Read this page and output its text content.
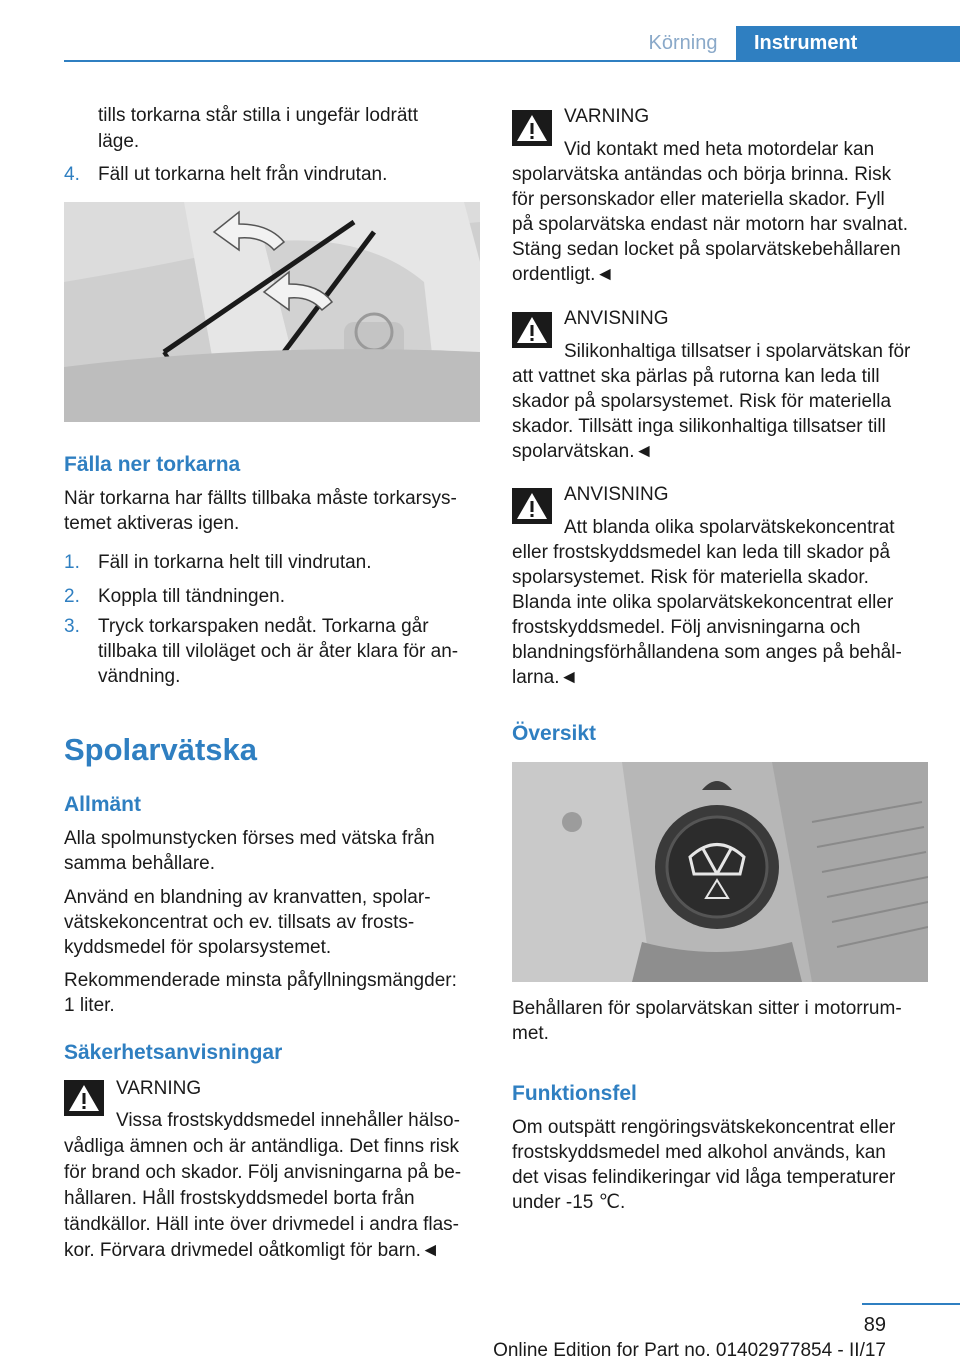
Körning	Instrument
tills torkarna står stilla i ungefär lodrätt
läge.
4. Fäll ut torkarna helt från vindrutan.
Fälla ner torkarna
När torkarna har fällts tillbaka måste torkarsys-
temet aktiveras igen.
1. Fäll in torkarna helt till vindrutan.
2. Koppla till tändningen.
3. Tryck torkarspaken nedåt. Torkarna går
tillbaka till viloläget och är åter klara för an-
vändning.
Spolarvätska
Allmänt
Alla spolmunstycken förses med vätska från
samma behållare.
Använd en blandning av kranvatten, spolar-
vätskekoncentrat och ev. tillsats av frosts-
kyddsmedel för spolarsystemet.
Rekommenderade minsta påfyllningsmängder:
1 liter.
Säkerhetsanvisningar
VARNING
Vissa frostskyddsmedel innehåller hälso-
vådliga ämnen och är antändliga. Det finns risk
för brand och skador. Följ anvisningarna på be-
hållaren. Håll frostskyddsmedel borta från
tändkällor. Häll inte över drivmedel i andra flas-
kor. Förvara drivmedel oåtkomligt för barn.◄
VARNING
Vid kontakt med heta motordelar kan
spolarvätska antändas och börja brinna. Risk
för personskador eller materiella skador. Fyll
på spolarvätska endast när motorn har svalnat.
Stäng sedan locket på spolarvätskebehållaren
ordentligt.◄
ANVISNING
Silikonhaltiga tillsatser i spolarvätskan för
att vattnet ska pärlas på rutorna kan leda till
skador på spolarsystemet. Risk för materiella
skador. Tillsätt inga silikonhaltiga tillsatser till
spolarvätskan.◄
ANVISNING
Att blanda olika spolarvätskekoncentrat
eller frostskyddsmedel kan leda till skador på
spolarsystemet. Risk för materiella skador.
Blanda inte olika spolarvätskekoncentrat eller
frostskyddsmedel. Följ anvisningarna och
blandningsförhållandena som anges på behål-
larna.◄
Översikt
Behållaren för spolarvätskan sitter i motorrum-
met.
Funktionsfel
Om outspätt rengöringsvätskekoncentrat eller
frostskyddsmedel med alkohol används, kan
det visas felindikeringar vid låga temperaturer
under -15 ℃.
89
Online Edition for Part no. 01402977854 - II/17
